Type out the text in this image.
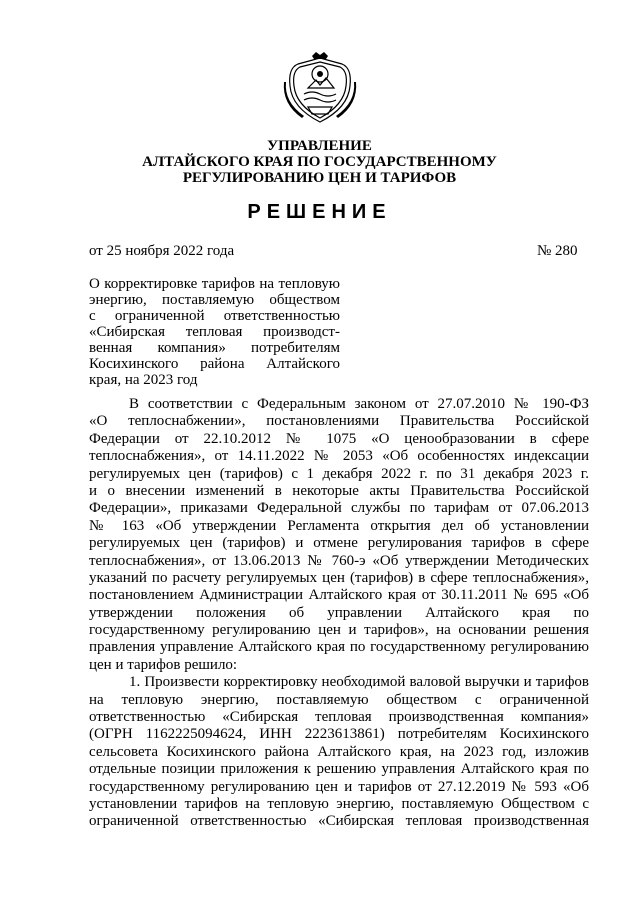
УПРАВЛЕНИЕ
АЛТАЙСКОГО КРАЯ ПО ГОСУДАРСТВЕННОМУ
РЕГУЛИРОВАНИЮ ЦЕН И ТАРИФОВ
РЕШЕНИЕ
от 25 ноября 2022 года	№ 280
О корректировке тарифов на тепловую
энергию, поставляемую обществом
с ограниченной ответственностью
«Сибирская тепловая производст-
венная компания» потребителям
Косихинского района Алтайского
края, на 2023 год
В соответствии с Федеральным законом от 27.07.2010 № 190-ФЗ
«О теплоснабжении», постановлениями Правительства Российской
Федерации от 22.10.2012 № 1075 «О ценообразовании в сфере
теплоснабжения», от 14.11.2022 № 2053 «Об особенностях индексации
регулируемых цен (тарифов) с 1 декабря 2022 г. по 31 декабря 2023 г.
и о внесении изменений в некоторые акты Правительства Российской
Федерации», приказами Федеральной службы по тарифам от 07.06.2013
№ 163 «Об утверждении Регламента открытия дел об установлении
регулируемых цен (тарифов) и отмене регулирования тарифов в сфере
теплоснабжения», от 13.06.2013 № 760-э «Об утверждении Методических
указаний по расчету регулируемых цен (тарифов) в сфере теплоснабжения»,
постановлением Администрации Алтайского края от 30.11.2011 № 695 «Об
утверждении положения об управлении Алтайского края по
государственному регулированию цен и тарифов», на основании решения
правления управление Алтайского края по государственному регулированию
цен и тарифов решило:
1. Произвести корректировку необходимой валовой выручки и тарифов
на тепловую энергию, поставляемую обществом с ограниченной
ответственностью «Сибирская тепловая производственная компания»
(ОГРН 1162225094624, ИНН 2223613861) потребителям Косихинского
сельсовета Косихинского района Алтайского края, на 2023 год, изложив
отдельные позиции приложения к решению управления Алтайского края по
государственному регулированию цен и тарифов от 27.12.2019 № 593 «Об
установлении тарифов на тепловую энергию, поставляемую Обществом с
ограниченной ответственностью «Сибирская тепловая производственная
